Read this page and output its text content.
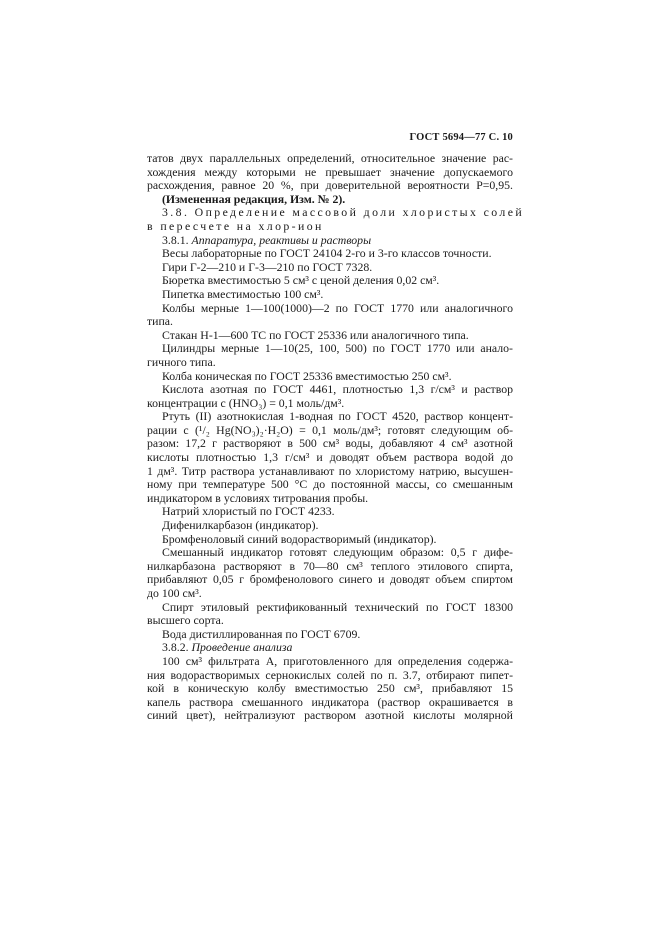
ГОСТ 5694—77 С. 10
татов двух параллельных определений, относительное значение рас-
хождения между которыми не превышает значение допускаемого
расхождения, равное 20 %, при доверительной вероятности P=0,95.
(Измененная редакция, Изм. № 2).
3.8. Определение массовой доли хлористых солей
в пересчете на хлор-ион
3.8.1. Аппаратура, реактивы и растворы
Весы лабораторные по ГОСТ 24104 2-го и 3-го классов точности.
Гири Г-2—210 и Г-3—210 по ГОСТ 7328.
Бюретка вместимостью 5 см³ с ценой деления 0,02 см³.
Пипетка вместимостью 100 см³.
Колбы мерные 1—100(1000)—2 по ГОСТ 1770 или аналогичного
типа.
Стакан Н-1—600 ТС по ГОСТ 25336 или аналогичного типа.
Цилиндры мерные 1—10(25, 100, 500) по ГОСТ 1770 или анало-
гичного типа.
Колба коническая по ГОСТ 25336 вместимостью 250 см³.
Кислота азотная по ГОСТ 4461, плотностью 1,3 г/см³ и раствор
концентрации c (HNO₃) = 0,1 моль/дм³.
Ртуть (II) азотнокислая 1-водная по ГОСТ 4520, раствор концент-
рации c (¹/₂ Hg(NO₃)₂·H₂O) = 0,1 моль/дм³; готовят следующим об-
разом: 17,2 г растворяют в 500 см³ воды, добавляют 4 см³ азотной
кислоты плотностью 1,3 г/см³ и доводят объем раствора водой до
1 дм³. Титр раствора устанавливают по хлористому натрию, высушен-
ному при температуре 500 °С до постоянной массы, со смешанным
индикатором в условиях титрования пробы.
Натрий хлористый по ГОСТ 4233.
Дифенилкарбазон (индикатор).
Бромфеноловый синий водорастворимый (индикатор).
Смешанный индикатор готовят следующим образом: 0,5 г дифе-
нилкарбазона растворяют в 70—80 см³ теплого этилового спирта,
прибавляют 0,05 г бромфенолового синего и доводят объем спиртом
до 100 см³.
Спирт этиловый ректификованный технический по ГОСТ 18300
высшего сорта.
Вода дистиллированная по ГОСТ 6709.
3.8.2. Проведение анализа
100 см³ фильтрата А, приготовленного для определения содержа-
ния водорастворимых сернокислых солей по п. 3.7, отбирают пипет-
кой в коническую колбу вместимостью 250 см³, прибавляют 15
капель раствора смешанного индикатора (раствор окрашивается в
синий цвет), нейтрализуют раствором азотной кислоты молярной
